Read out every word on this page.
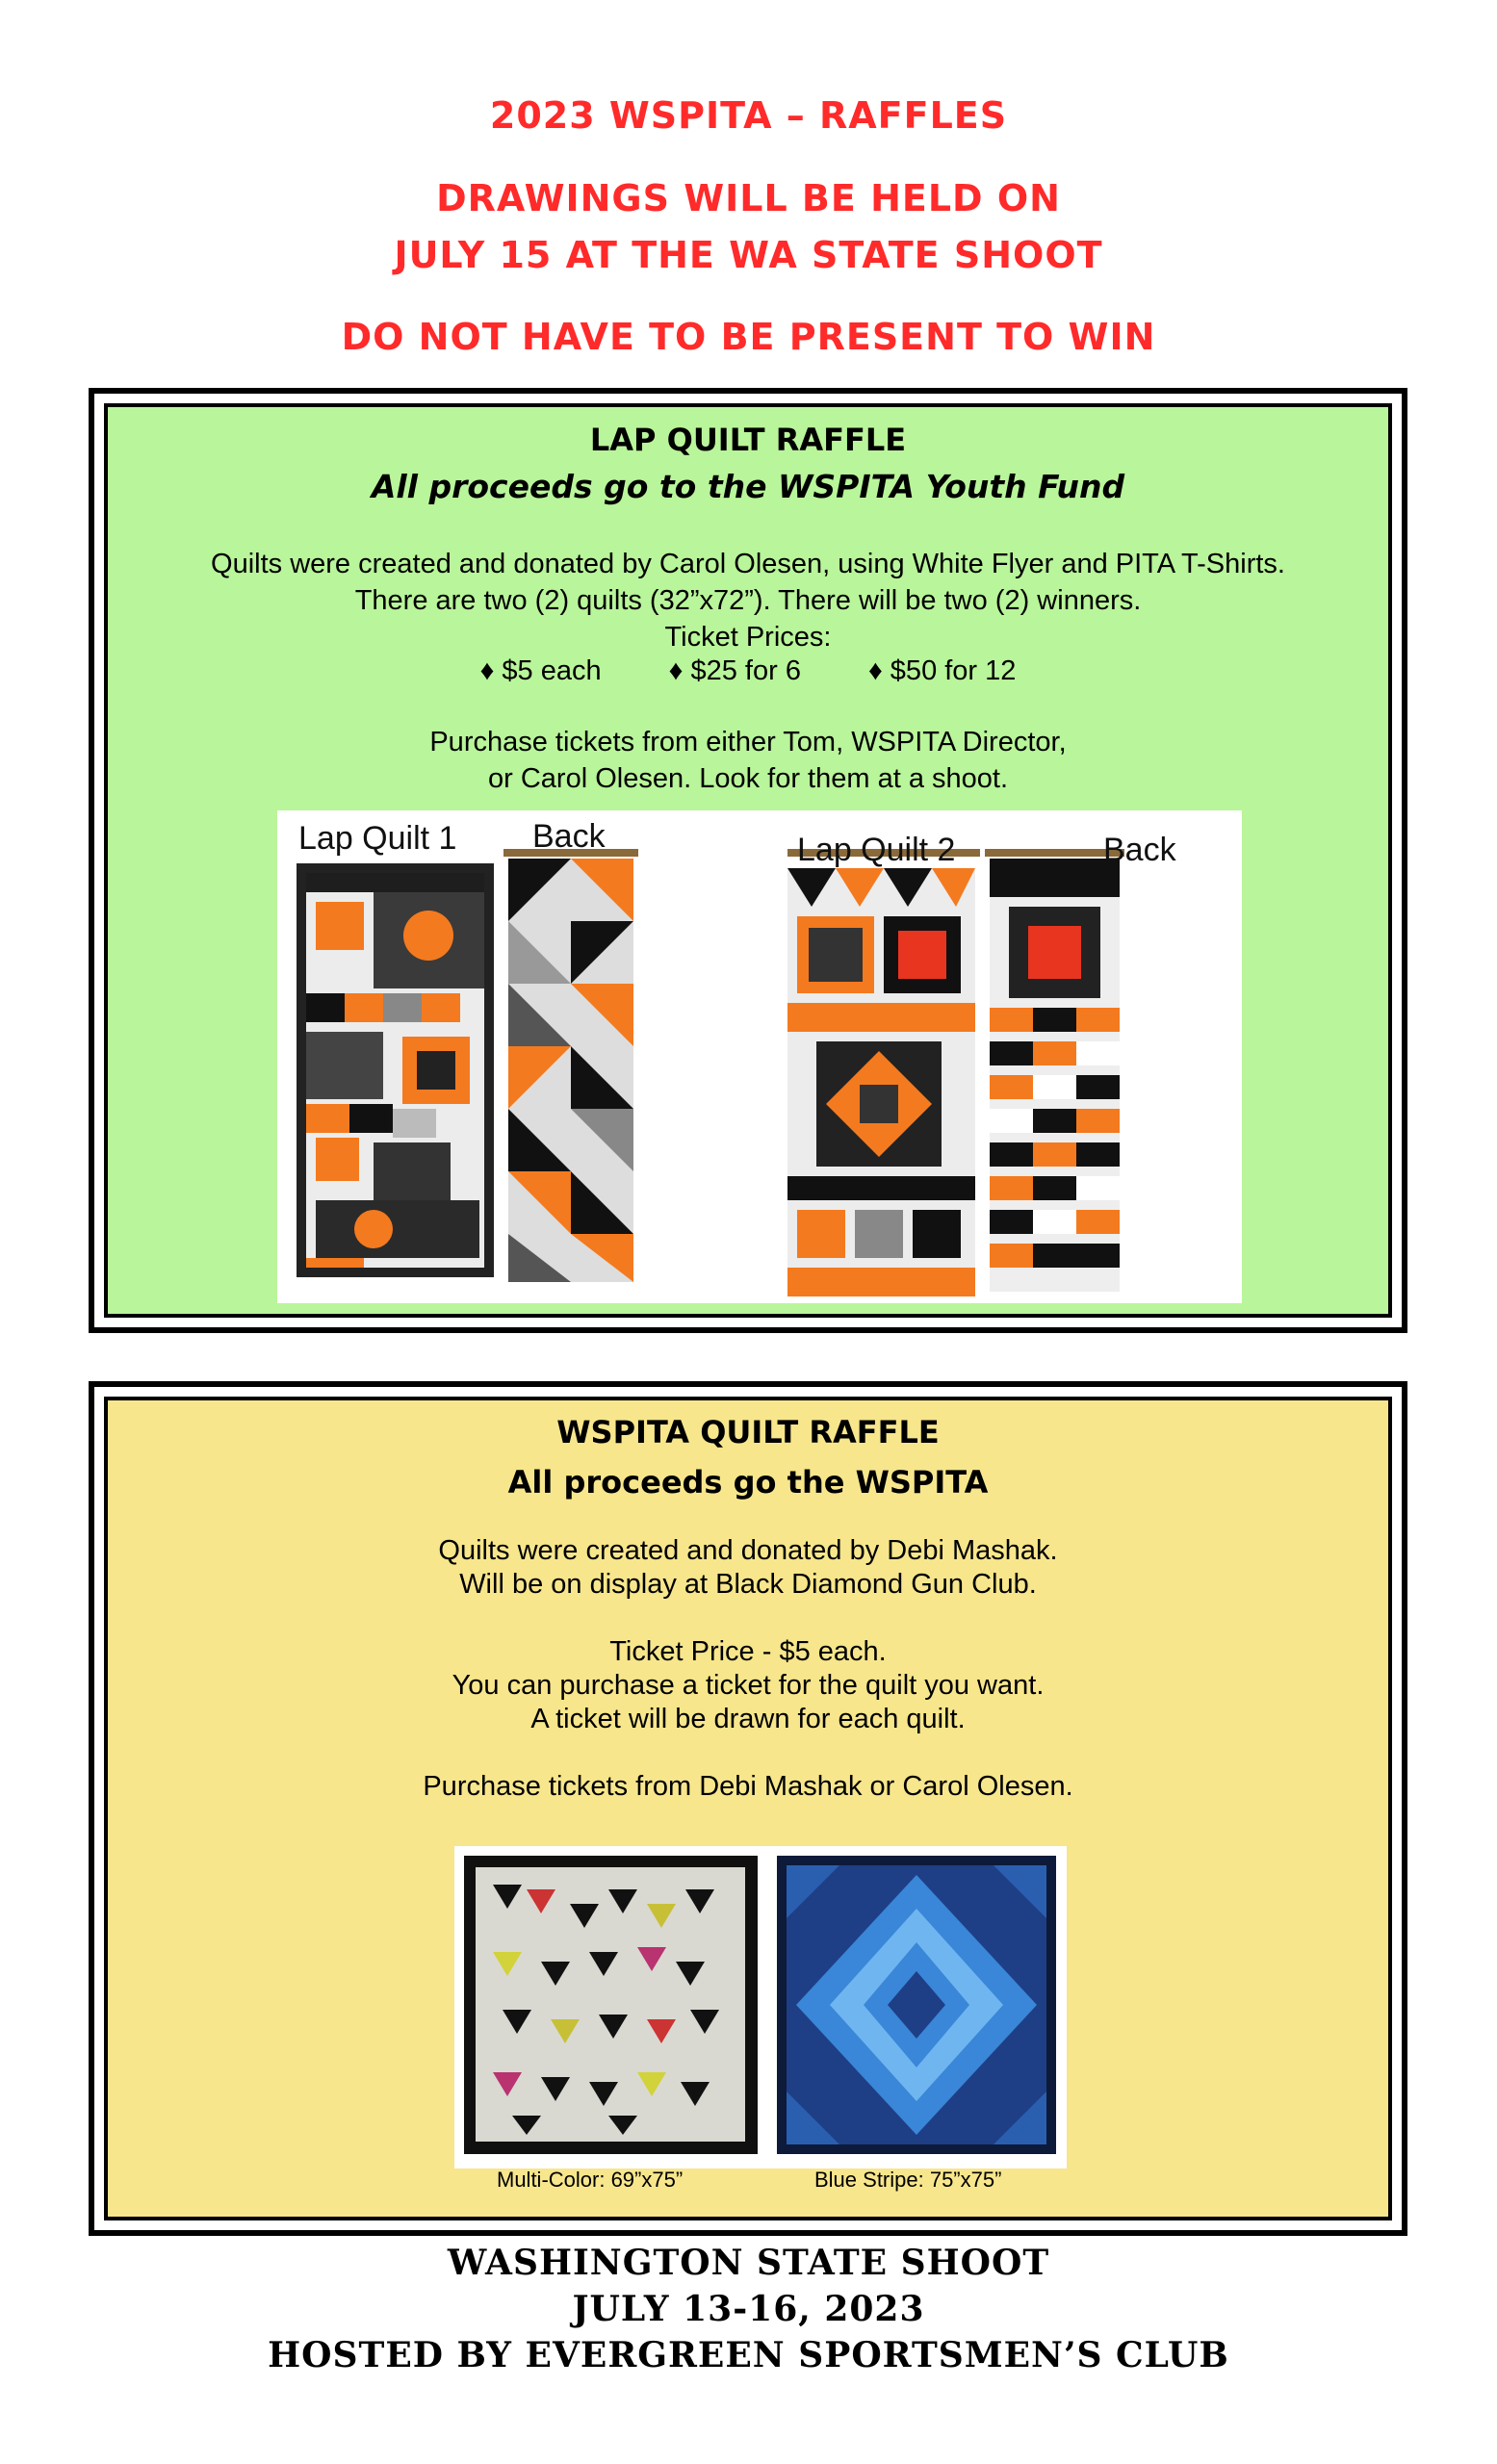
2023 WSPITA – RAFFLES
DRAWINGS WILL BE HELD ON
JULY 15 AT THE WA STATE SHOOT
DO NOT HAVE TO BE PRESENT TO WIN
LAP QUILT RAFFLE
All proceeds go to the WSPITA Youth Fund
Quilts were created and donated by Carol Olesen, using White Flyer and PITA T-Shirts.
There are two (2) quilts (32”x72”). There will be two (2) winners.
Ticket Prices:
♦ $5 each ♦ $25 for 6 ♦ $50 for 12
Purchase tickets from either Tom, WSPITA Director,
or Carol Olesen. Look for them at a shoot.
Lap Quilt 1 Back	Lap Quilt 2	Back
WSPITA QUILT RAFFLE
All proceeds go the WSPITA
Quilts were created and donated by Debi Mashak.
Will be on display at Black Diamond Gun Club.
Ticket Price - $5 each.
You can purchase a ticket for the quilt you want.
A ticket will be drawn for each quilt.
Purchase tickets from Debi Mashak or Carol Olesen.
Multi-Color: 69”x75”	Blue Stripe: 75”x75”
WASHINGTON STATE SHOOT
JULY 13-16, 2023
HOSTED BY EVERGREEN SPORTSMEN’S CLUB
